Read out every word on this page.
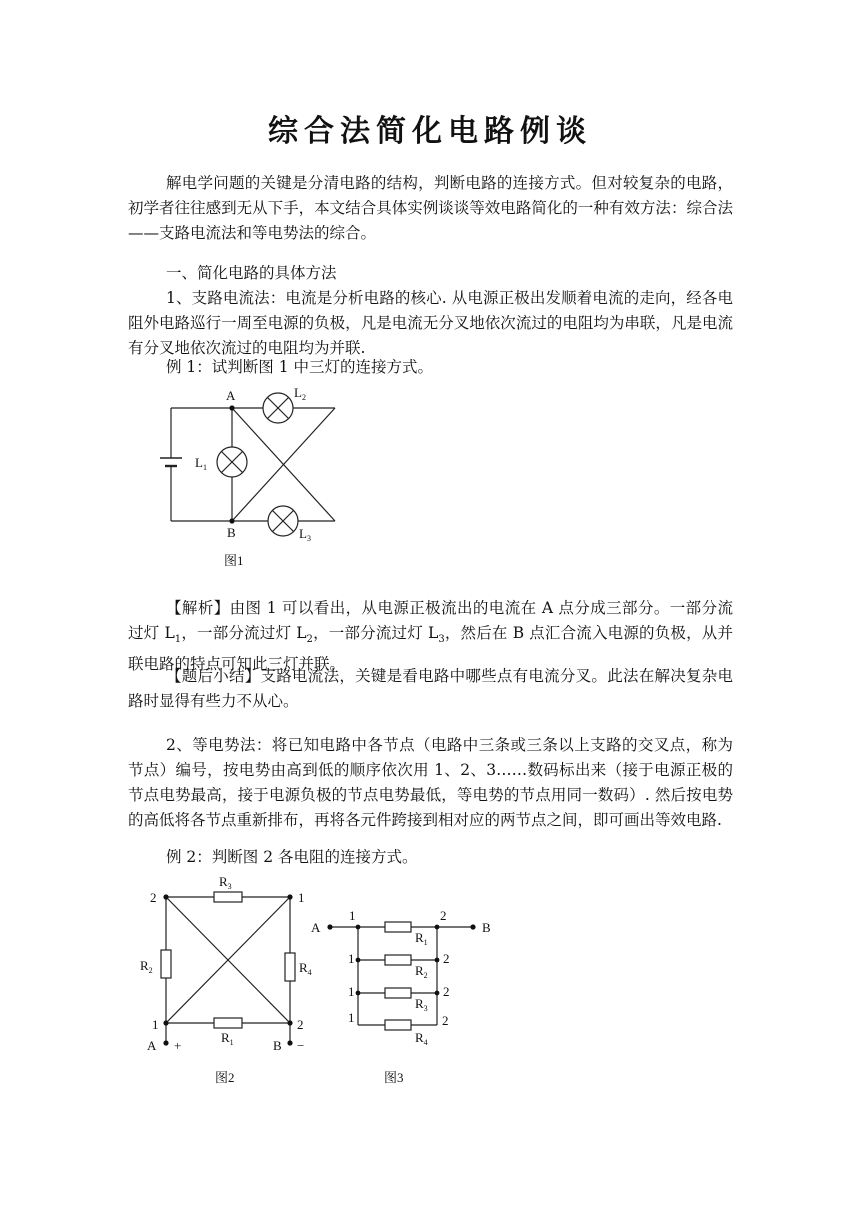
综合法简化电路例谈

解电学问题的关键是分清电路的结构，判断电路的连接方式。但对较复杂的电路，初学者往往感到无从下手，本文结合具体实例谈谈等效电路简化的一种有效方法：综合法——支路电流法和等电势法的综合。

一、简化电路的具体方法

1、支路电流法：电流是分析电路的核心. 从电源正极出发顺着电流的走向，经各电阻外电路巡行一周至电源的负极，凡是电流无分叉地依次流过的电阻均为串联，凡是电流有分叉地依次流过的电阻均为并联.

例 1：试判断图 1 中三灯的连接方式。

A
B
$L_1$
$L_2$
$L_3$
图1

【解析】由图 1 可以看出，从电源正极流出的电流在 A 点分成三部分。一部分流过灯 $L_1$，一部分流过灯 $L_2$，一部分流过灯 $L_3$，然后在 B 点汇合流入电源的负极，从并联电路的特点可知此三灯并联。

【题后小结】支路电流法，关键是看电路中哪些点有电流分叉。此法在解决复杂电路时显得有些力不从心。

2、等电势法：将已知电路中各节点（电路中三条或三条以上支路的交叉点，称为节点）编号，按电势由高到低的顺序依次用 1、2、3……数码标出来（接于电源正极的节点电势最高，接于电源负极的节点电势最低，等电势的节点用同一数码）. 然后按电势的高低将各节点重新排布，再将各元件跨接到相对应的两节点之间，即可画出等效电路.

例 2：判断图 2 各电阻的连接方式。

2	1
1	2
$R_3$
$R_2$	$R_4$
$R_1$
A +	B −
图2
A	B
1	2
1	2
1	2
1	2
$R_1$
$R_2$
$R_3$
$R_4$
图3
